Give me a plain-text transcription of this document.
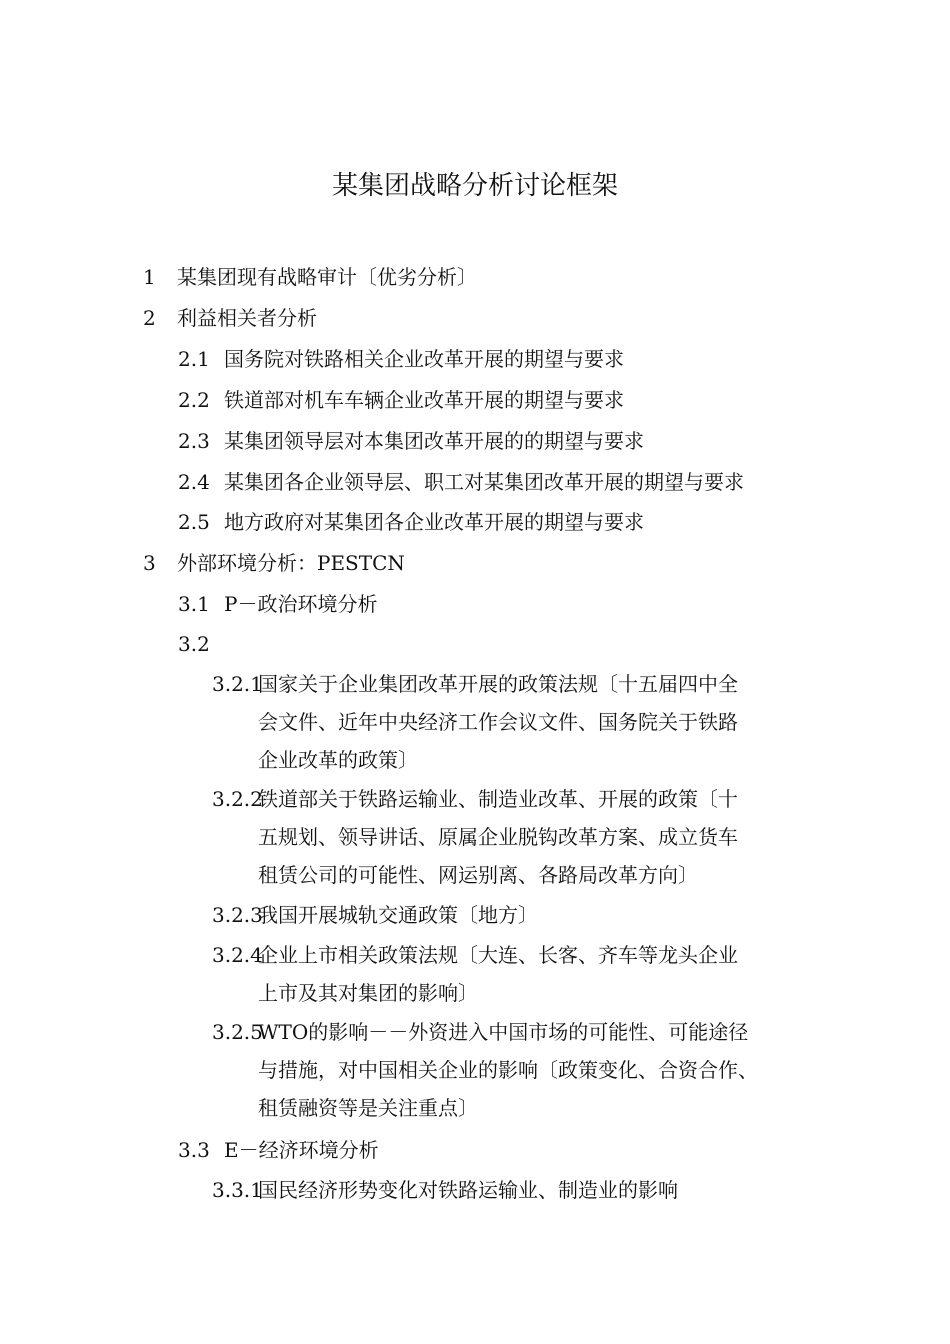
某集团战略分析讨论框架
1 某集团现有战略审计〔优劣分析〕
2 利益相关者分析
2.1 国务院对铁路相关企业改革开展的期望与要求
2.2 铁道部对机车车辆企业改革开展的期望与要求
2.3 某集团领导层对本集团改革开展的的期望与要求
2.4 某集团各企业领导层、职工对某集团改革开展的期望与要求
2.5 地方政府对某集团各企业改革开展的期望与要求
3 外部环境分析：PESTCN
3.1 P－政治环境分析
3.2
3.2.1
国家关于企业集团改革开展的政策法规〔十五届四中全
会文件、近年中央经济工作会议文件、国务院关于铁路
企业改革的政策〕
3.2.2
铁道部关于铁路运输业、制造业改革、开展的政策〔十
五规划、领导讲话、原属企业脱钩改革方案、成立货车
租赁公司的可能性、网运别离、各路局改革方向〕
3.2.3
我国开展城轨交通政策〔地方〕
3.2.4
企业上市相关政策法规〔大连、长客、齐车等龙头企业
上市及其对集团的影响〕
3.2.5
WTO的影响－－外资进入中国市场的可能性、可能途径
与措施，对中国相关企业的影响〔政策变化、合资合作、
租赁融资等是关注重点〕
3.3 E－经济环境分析
3.3.1
国民经济形势变化对铁路运输业、制造业的影响
